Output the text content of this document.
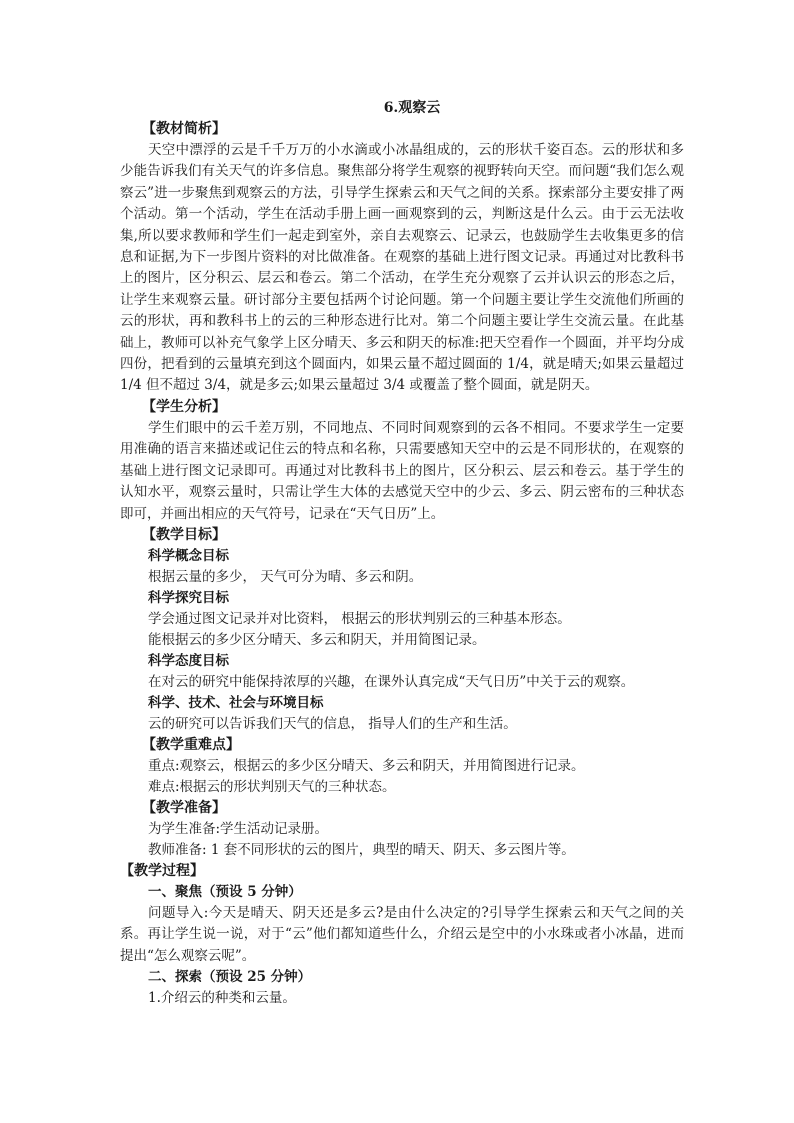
6.观察云

【教材简析】

天空中漂浮的云是千千万万的小水滴或小冰晶组成的，云的形状千姿百态。云的形状和多少能告诉我们有关天气的许多信息。聚焦部分将学生观察的视野转向天空。而问题“我们怎么观察云”进一步聚焦到观察云的方法，引导学生探索云和天气之间的关系。探索部分主要安排了两个活动。第一个活动，学生在活动手册上画一画观察到的云，判断这是什么云。由于云无法收集,所以要求教师和学生们一起走到室外，亲自去观察云、记录云，也鼓励学生去收集更多的信息和证据,为下一步图片资料的对比做准备。在观察的基础上进行图文记录。再通过对比教科书上的图片，区分积云、层云和卷云。第二个活动，在学生充分观察了云并认识云的形态之后，让学生来观察云量。研讨部分主要包括两个讨论问题。第一个问题主要让学生交流他们所画的云的形状，再和教科书上的云的三种形态进行比对。第二个问题主要让学生交流云量。在此基础上，教师可以补充气象学上区分晴天、多云和阴天的标准:把天空看作一个圆面，并平均分成四份，把看到的云量填充到这个圆面内，如果云量不超过圆面的 1/4，就是晴天;如果云量超过 1/4 但不超过 3/4，就是多云;如果云量超过 3/4 或覆盖了整个圆面，就是阴天。

【学生分析】

学生们眼中的云千差万别，不同地点、不同时间观察到的云各不相同。不要求学生一定要用准确的语言来描述或记住云的特点和名称，只需要感知天空中的云是不同形状的，在观察的基础上进行图文记录即可。再通过对比教科书上的图片，区分积云、层云和卷云。基于学生的认知水平，观察云量时，只需让学生大体的去感觉天空中的少云、多云、阴云密布的三种状态即可，并画出相应的天气符号，记录在“天气日历”上。

【教学目标】

科学概念目标

根据云量的多少， 天气可分为晴、多云和阴。

科学探究目标

学会通过图文记录并对比资料， 根据云的形状判别云的三种基本形态。

能根据云的多少区分晴天、多云和阴天，并用简图记录。

科学态度目标

在对云的研究中能保持浓厚的兴趣，在课外认真完成“天气日历”中关于云的观察。

科学、技术、社会与环境目标

云的研究可以告诉我们天气的信息， 指导人们的生产和生活。

【教学重难点】

重点:观察云，根据云的多少区分晴天、多云和阴天，并用简图进行记录。

难点:根据云的形状判别天气的三种状态。

【教学准备】

为学生准备:学生活动记录册。

教师准备: 1 套不同形状的云的图片，典型的晴天、阴天、多云图片等。

【教学过程】

一、聚焦（预设 5 分钟）

问题导入:今天是晴天、阴天还是多云?是由什么决定的?引导学生探索云和天气之间的关系。再让学生说一说，对于“云”他们都知道些什么，介绍云是空中的小水珠或者小冰晶，进而提出“怎么观察云呢”。

二、探索（预设 25 分钟）

1.介绍云的种类和云量。
